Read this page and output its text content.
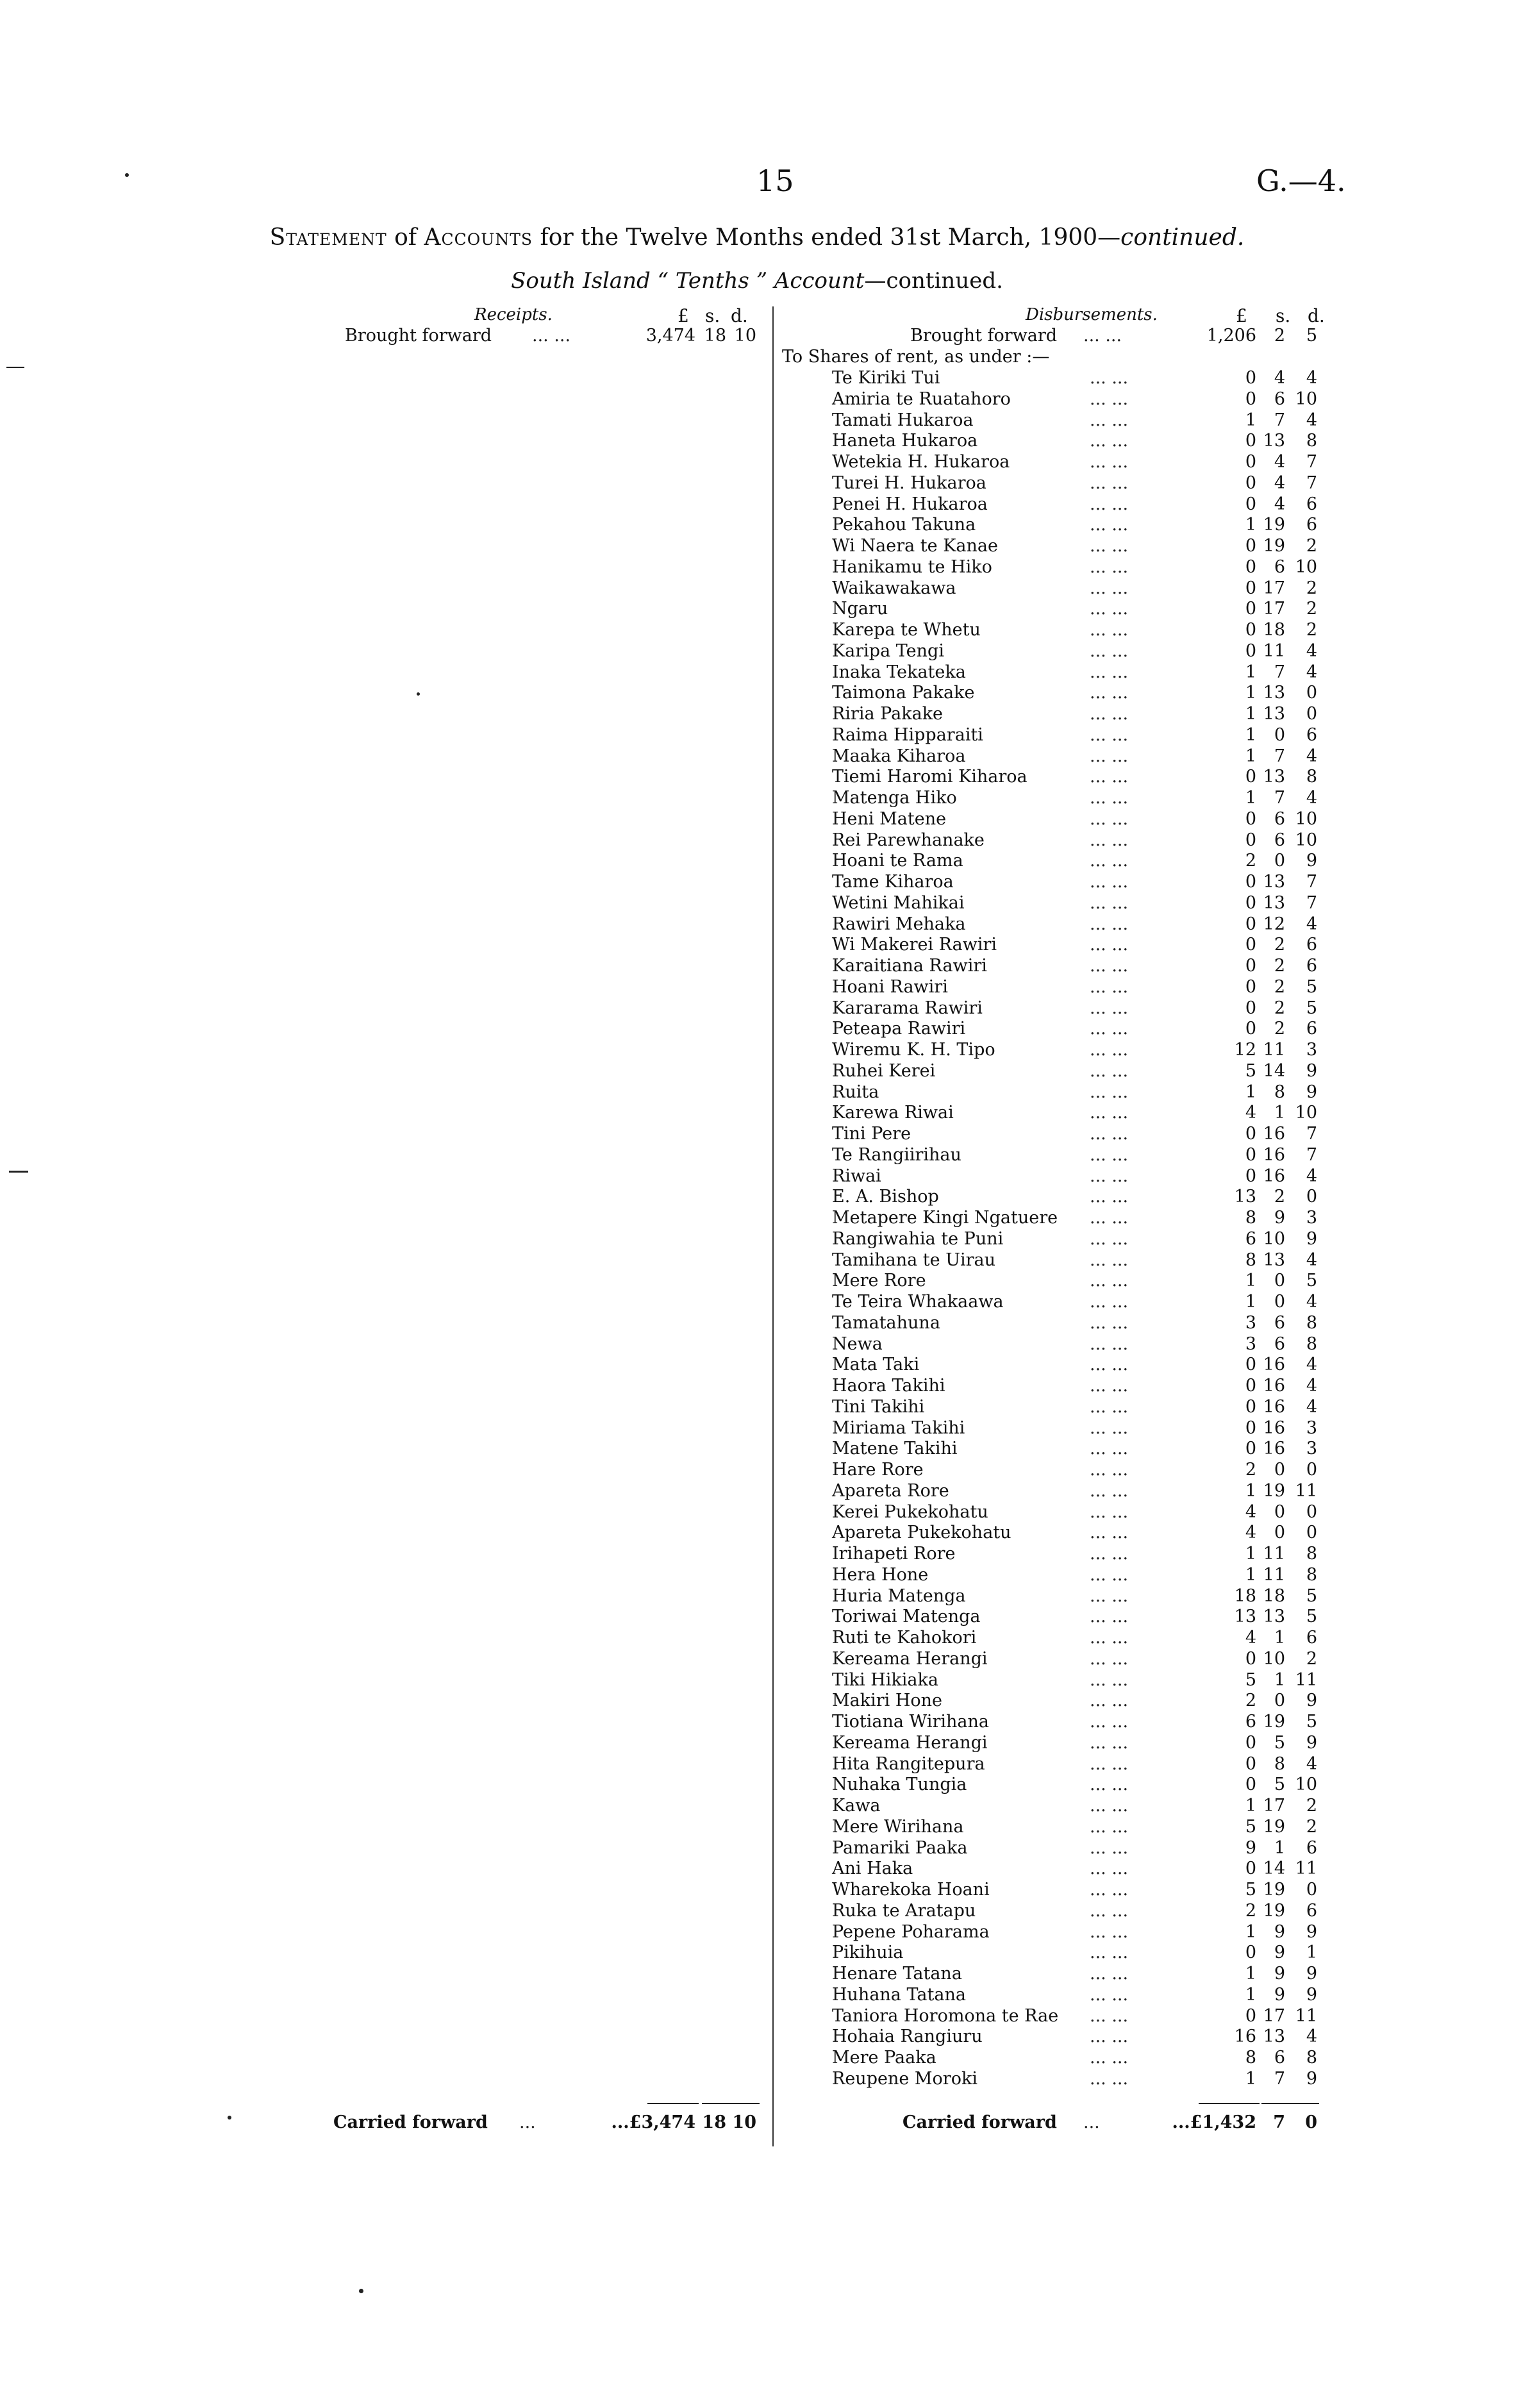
15	G.—4.
Statement of Accounts for the Twelve Months ended 31st March, 1900—continued.
South Island “ Tenths ” Account—continued.
Receipts.	£ s. d.
Brought forward ... ...	3,474 18 10
Disbursements.	£ s. d.
Brought forward ... ...	1,206	2	5
To Shares of rent, as under :—
Te Kiriki Tui	... ...	0	4	4
Amiria te Ruatahoro	... ...	0	6 10
Tamati Hukaroa	... ...	1	7	4
Haneta Hukaroa	... ...	0 13	8
Wetekia H. Hukaroa	... ...	0	4	7
Turei H. Hukaroa	... ...	0	4	7
Penei H. Hukaroa	... ...	0	4	6
Pekahou Takuna	... ...	1 19	6
Wi Naera te Kanae	... ...	0 19	2
Hanikamu te Hiko	... ...	0	6 10
Waikawakawa	... ...	0 17	2
Ngaru	... ...	0 17	2
Karepa te Whetu	... ...	0 18	2
Karipa Tengi	... ...	0 11	4
Inaka Tekateka	... ...	1	7	4
Taimona Pakake	... ...	1 13	0
Riria Pakake	... ...	1 13	0
Raima Hipparaiti	... ...	1	0	6
Maaka Kiharoa	... ...	1	7	4
Tiemi Haromi Kiharoa	... ...	0 13	8
Matenga Hiko	... ...	1	7	4
Heni Matene	... ...	0	6 10
Rei Parewhanake	... ...	0	6 10
Hoani te Rama	... ...	2	0	9
Tame Kiharoa	... ...	0 13	7
Wetini Mahikai	... ...	0 13	7
Rawiri Mehaka	... ...	0 12	4
Wi Makerei Rawiri	... ...	0	2	6
Karaitiana Rawiri	... ...	0	2	6
Hoani Rawiri	... ...	0	2	5
Kararama Rawiri	... ...	0	2	5
Peteapa Rawiri	... ...	0	2	6
Wiremu K. H. Tipo	... ...	12 11	3
Ruhei Kerei	... ...	5 14	9
Ruita	... ...	1	8	9
Karewa Riwai	... ...	4	1 10
Tini Pere	... ...	0 16	7
Te Rangiirihau	... ...	0 16	7
Riwai	... ...	0 16	4
E. A. Bishop	... ...	13	2	0
Metapere Kingi Ngatuere ... ...	8	9	3
Rangiwahia te Puni	... ...	6 10	9
Tamihana te Uirau	... ...	8 13	4
Mere Rore	... ...	1	0	5
Te Teira Whakaawa	... ...	1	0	4
Tamatahuna	... ...	3	6	8
Newa	... ...	3	6	8
Mata Taki	... ...	0 16	4
Haora Takihi	... ...	0 16	4
Tini Takihi	... ...	0 16	4
Miriama Takihi	... ...	0 16	3
Matene Takihi	... ...	0 16	3
Hare Rore	... ...	2	0	0
Apareta Rore	... ...	1 19 11
Kerei Pukekohatu	... ...	4	0	0
Apareta Pukekohatu	... ...	4	0	0
Irihapeti Rore	... ...	1 11	8
Hera Hone	... ...	1 11	8
Huria Matenga	... ...	18 18	5
Toriwai Matenga	... ...	13 13	5
Ruti te Kahokori	... ...	4	1	6
Kereama Herangi	... ...	0 10	2
Tiki Hikiaka	... ...	5	1 11
Makiri Hone	... ...	2	0	9
Tiotiana Wirihana	... ...	6 19	5
Kereama Herangi	... ...	0	5	9
Hita Rangitepura	... ...	0	8	4
Nuhaka Tungia	... ...	0	5 10
Kawa	... ...	1 17	2
Mere Wirihana	... ...	5 19	2
Pamariki Paaka	... ...	9	1	6
Ani Haka	... ...	0 14 11
Wharekoka Hoani	... ...	5 19	0
Ruka te Aratapu	... ...	2 19	6
Pepene Poharama	... ...	1	9	9
Pikihuia	... ...	0	9	1
Henare Tatana	... ...	1	9	9
Huhana Tatana	... ...	1	9	9
Taniora Horomona te Rae ... ...	0 17 11
Hohaia Rangiuru	... ...	16 13	4
Mere Paaka	... ...	8	6	8
Reupene Moroki	... ...	1	7	9
Carried forward ...	...£3,474 18 10	Carried forward ...	...£1,432 7	0
